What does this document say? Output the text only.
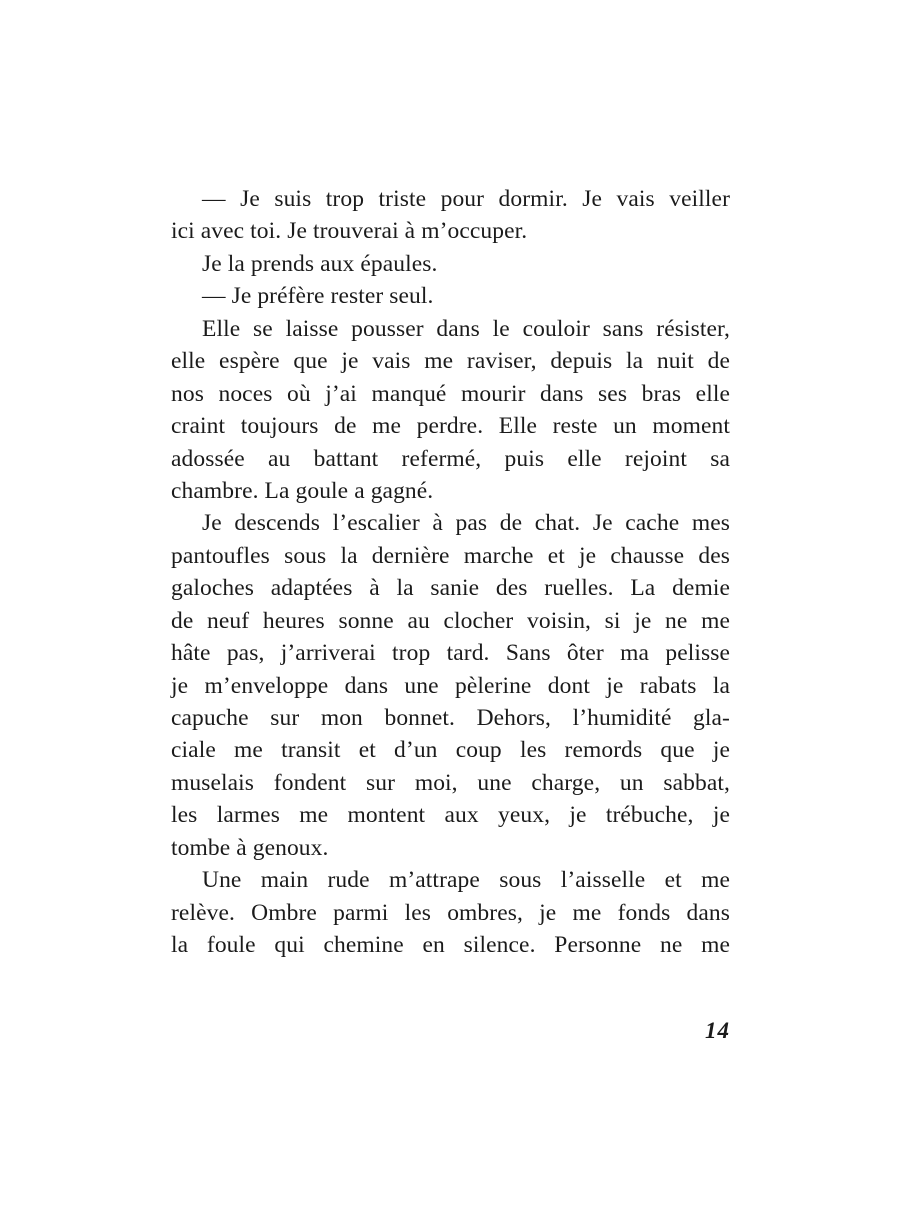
— Je suis trop triste pour dormir. Je vais veiller
ici avec toi. Je trouverai à m’occuper.
Je la prends aux épaules.
— Je préfère rester seul.
Elle se laisse pousser dans le couloir sans résister,
elle espère que je vais me raviser, depuis la nuit de
nos noces où j’ai manqué mourir dans ses bras elle
craint toujours de me perdre. Elle reste un moment
adossée au battant refermé, puis elle rejoint sa
chambre. La goule a gagné.
Je descends l’escalier à pas de chat. Je cache mes
pantoufles sous la dernière marche et je chausse des
galoches adaptées à la sanie des ruelles. La demie
de neuf heures sonne au clocher voisin, si je ne me
hâte pas, j’arriverai trop tard. Sans ôter ma pelisse
je m’enveloppe dans une pèlerine dont je rabats la
capuche sur mon bonnet. Dehors, l’humidité gla-
ciale me transit et d’un coup les remords que je
muselais fondent sur moi, une charge, un sabbat,
les larmes me montent aux yeux, je trébuche, je
tombe à genoux.
Une main rude m’attrape sous l’aisselle et me
relève. Ombre parmi les ombres, je me fonds dans
la foule qui chemine en silence. Personne ne me
14
